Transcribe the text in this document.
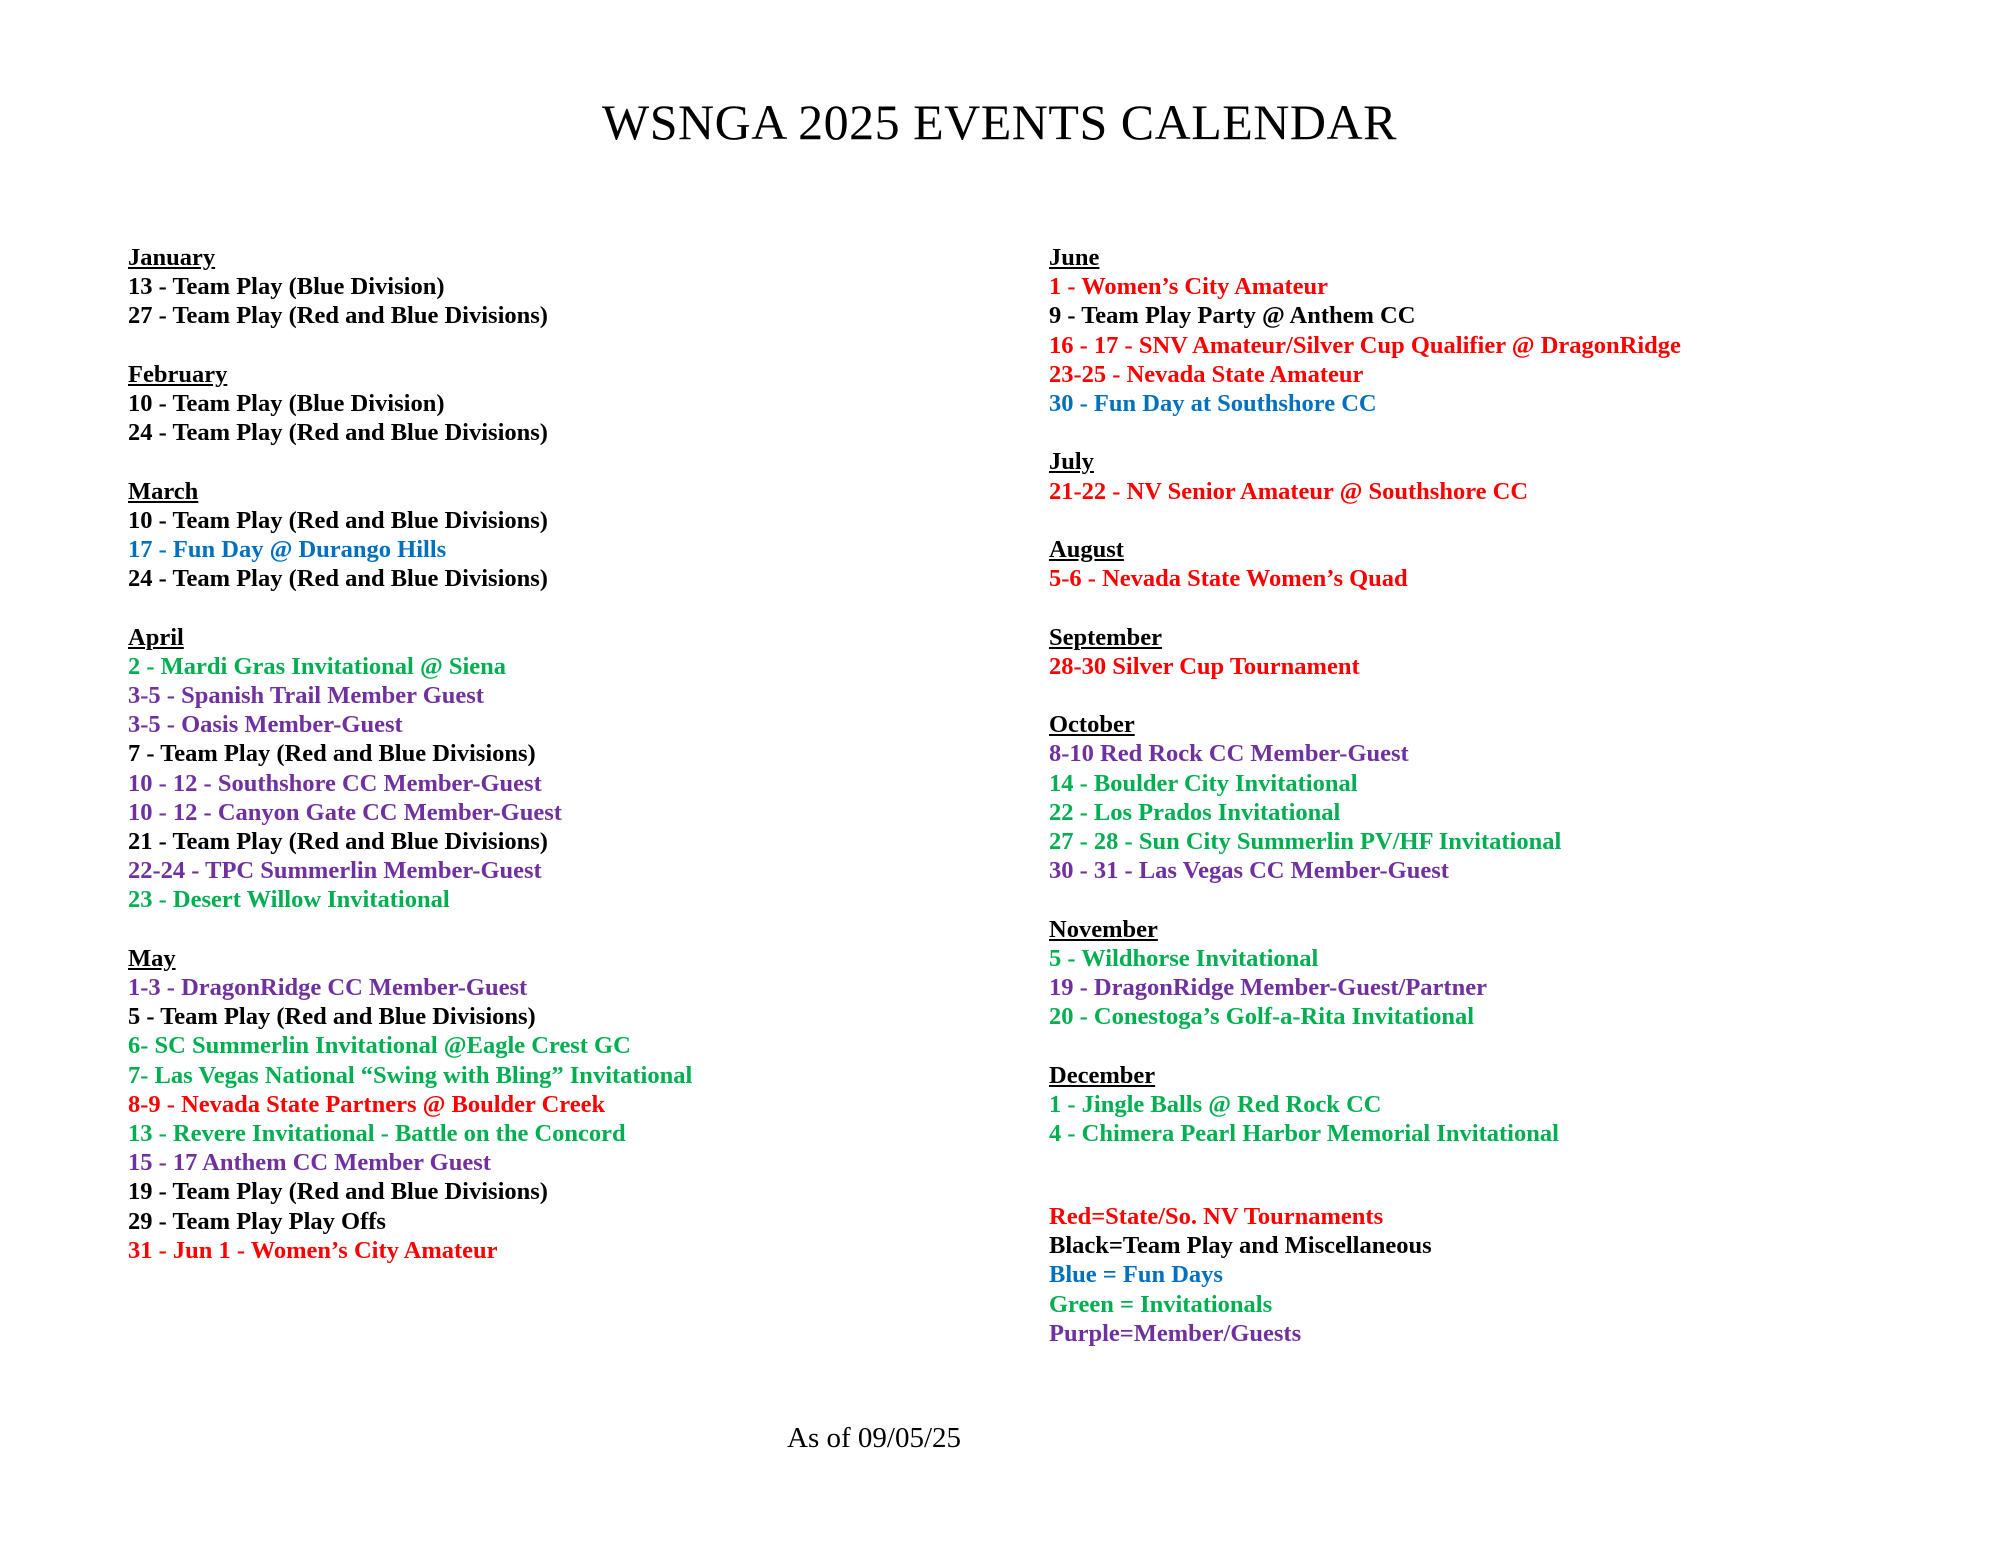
WSNGA 2025 EVENTS CALENDAR
January
13 - Team Play (Blue Division)
27 - Team Play (Red and Blue Divisions)
February
10 - Team Play (Blue Division)
24 - Team Play (Red and Blue Divisions)
March
10 - Team Play (Red and Blue Divisions)
17 - Fun Day @ Durango Hills
24 - Team Play (Red and Blue Divisions)
April
2 - Mardi Gras Invitational @ Siena
3-5 - Spanish Trail Member Guest
3-5 - Oasis Member-Guest
7 - Team Play (Red and Blue Divisions)
10 - 12 - Southshore CC Member-Guest
10 - 12 - Canyon Gate CC Member-Guest
21 - Team Play (Red and Blue Divisions)
22-24 - TPC Summerlin Member-Guest
23 - Desert Willow Invitational
May
1-3 - DragonRidge CC Member-Guest
5 - Team Play (Red and Blue Divisions)
6- SC Summerlin Invitational @Eagle Crest GC
7- Las Vegas National “Swing with Bling” Invitational
8-9 - Nevada State Partners @ Boulder Creek
13 - Revere Invitational - Battle on the Concord
15 - 17 Anthem CC Member Guest
19 - Team Play (Red and Blue Divisions)
29 - Team Play Play Offs
31 - Jun 1 - Women’s City Amateur
June
1 - Women’s City Amateur
9 - Team Play Party @ Anthem CC
16 - 17 - SNV Amateur/Silver Cup Qualifier @ DragonRidge
23-25 - Nevada State Amateur
30 - Fun Day at Southshore CC
July
21-22 - NV Senior Amateur @ Southshore CC
August
5-6 - Nevada State Women’s Quad
September
28-30 Silver Cup Tournament
October
8-10 Red Rock CC Member-Guest
14 - Boulder City Invitational
22 - Los Prados Invitational
27 - 28 - Sun City Summerlin PV/HF Invitational
30 - 31 - Las Vegas CC Member-Guest
November
5 - Wildhorse Invitational
19 - DragonRidge Member-Guest/Partner
20 - Conestoga’s Golf-a-Rita Invitational
December
1 - Jingle Balls @ Red Rock CC
4 - Chimera Pearl Harbor Memorial Invitational
Red=State/So. NV Tournaments
Black=Team Play and Miscellaneous
Blue = Fun Days
Green = Invitationals
Purple=Member/Guests
As of 09/05/25
